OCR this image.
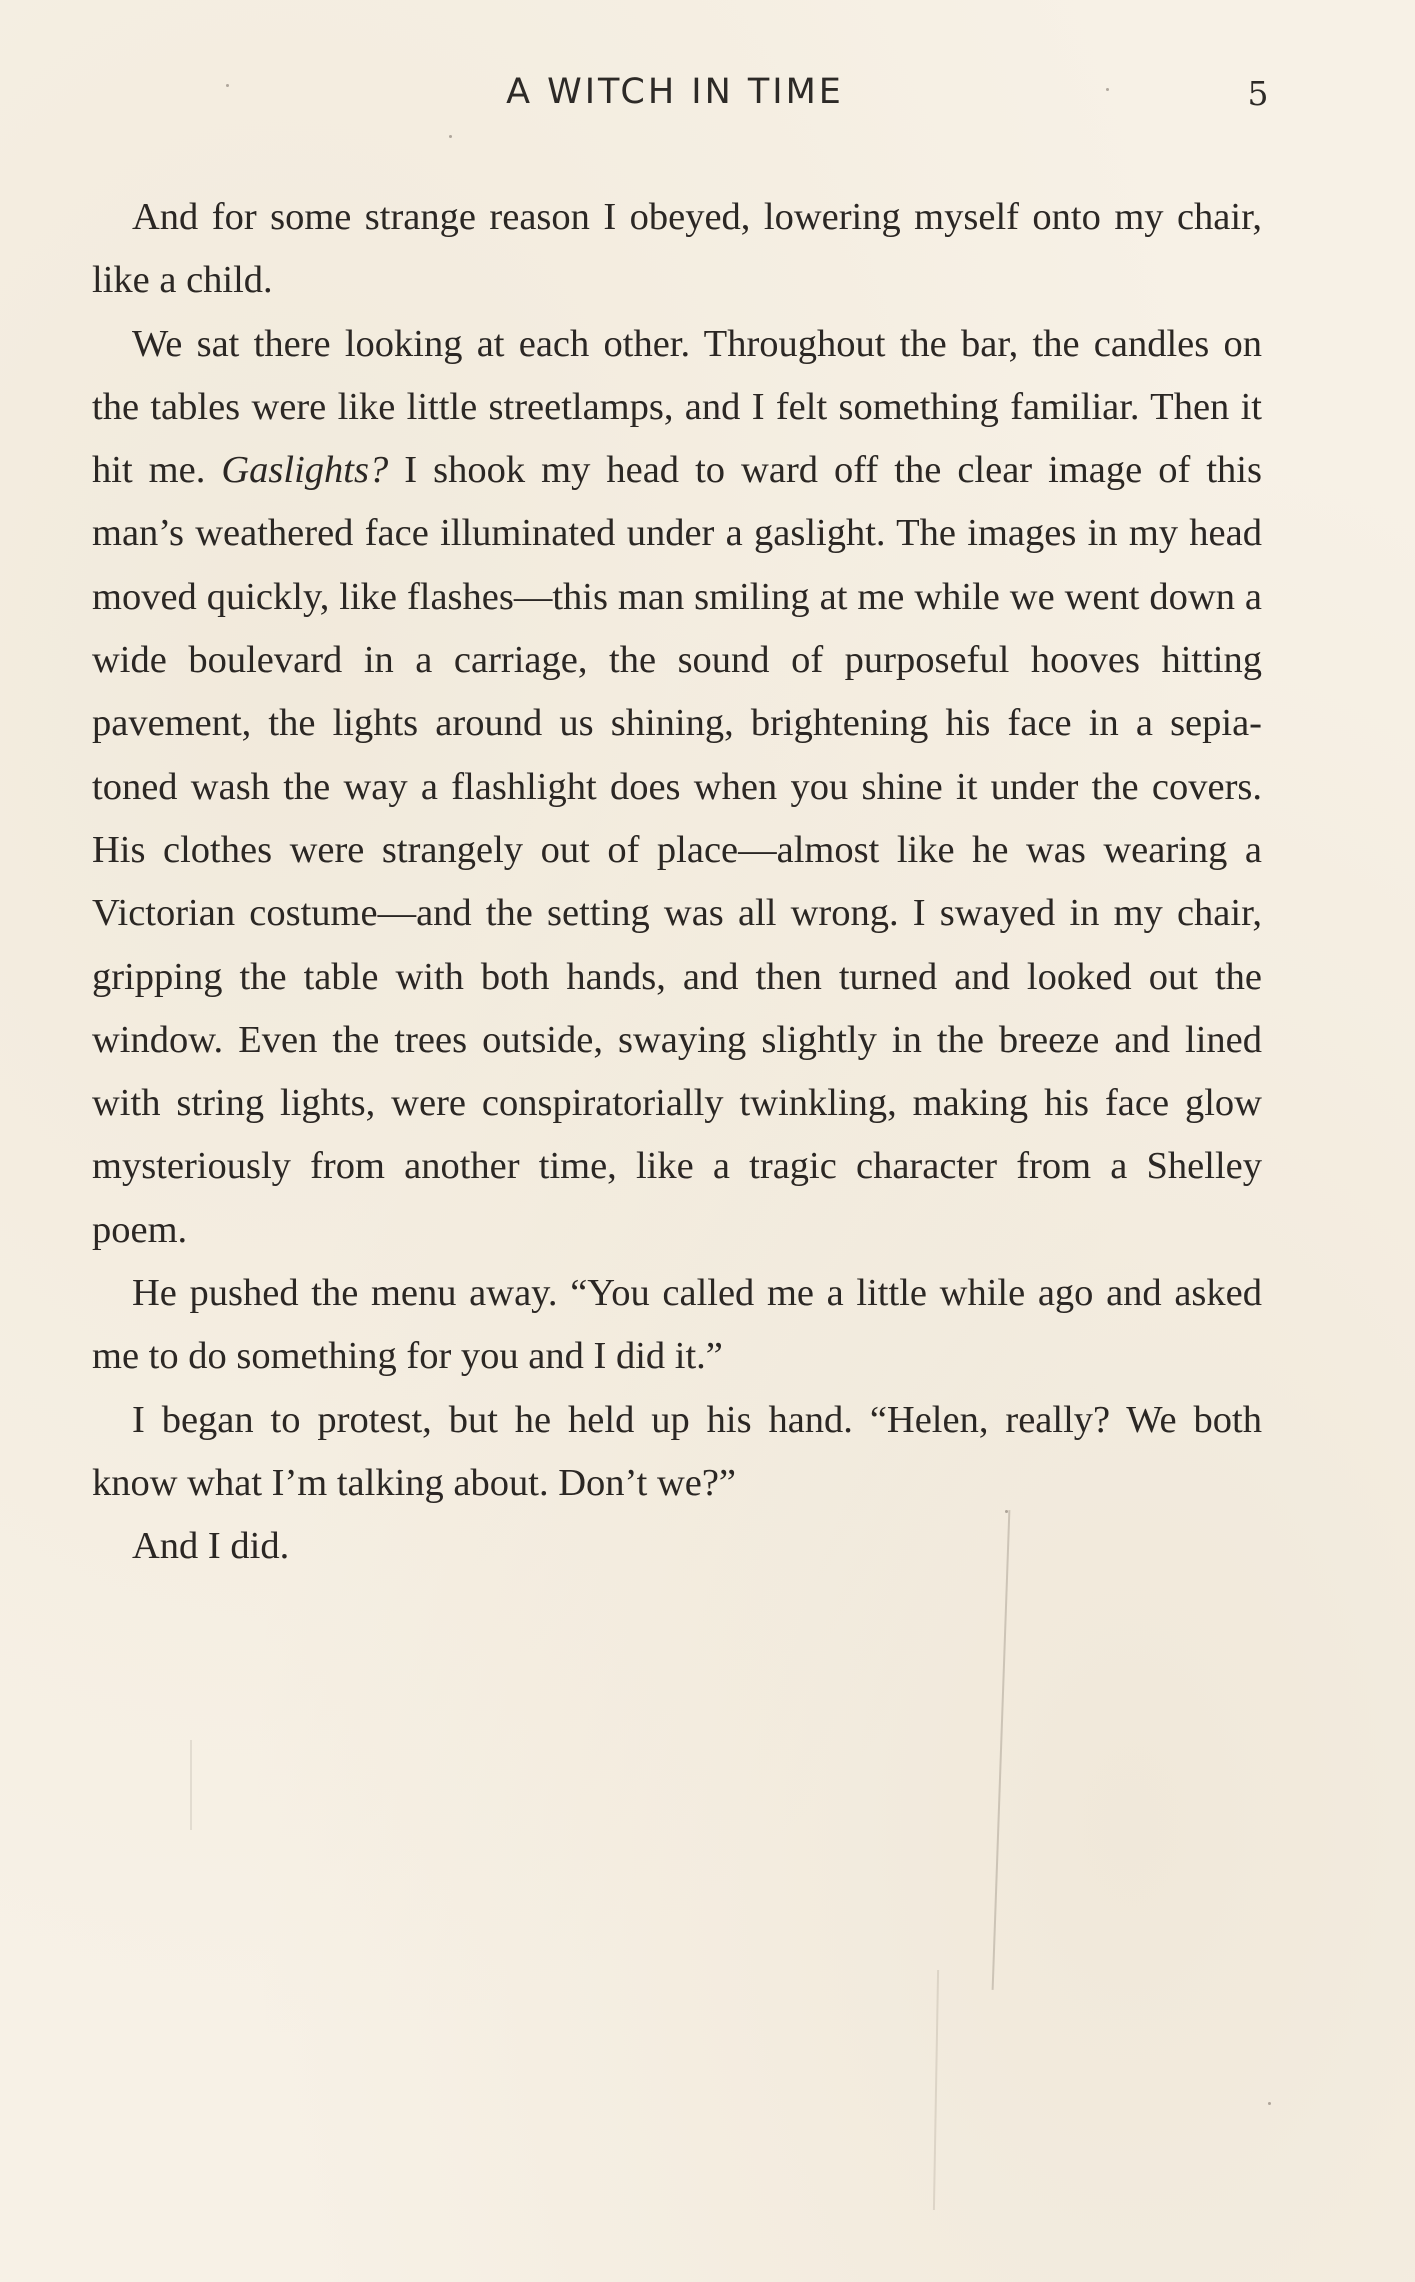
A WITCH IN TIME	5

And for some strange reason I obeyed, lowering myself onto my chair, like a child.

We sat there looking at each other. Throughout the bar, the candles on the tables were like little streetlamps, and I felt something familiar. Then it hit me. Gaslights? I shook my head to ward off the clear image of this man’s weathered face illuminated under a gaslight. The images in my head moved quickly, like flashes—this man smiling at me while we went down a wide boulevard in a carriage, the sound of purposeful hooves hitting pavement, the lights around us shining, brightening his face in a sepia-toned wash the way a flashlight does when you shine it under the covers. His clothes were strangely out of place—almost like he was wearing a Victorian costume—and the setting was all wrong. I swayed in my chair, gripping the table with both hands, and then turned and looked out the window. Even the trees outside, swaying slightly in the breeze and lined with string lights, were conspiratorially twinkling, making his face glow mysteriously from another time, like a tragic character from a Shelley poem.

He pushed the menu away. “You called me a little while ago and asked me to do something for you and I did it.”

I began to protest, but he held up his hand. “Helen, really? We both know what I’m talking about. Don’t we?”

And I did.
